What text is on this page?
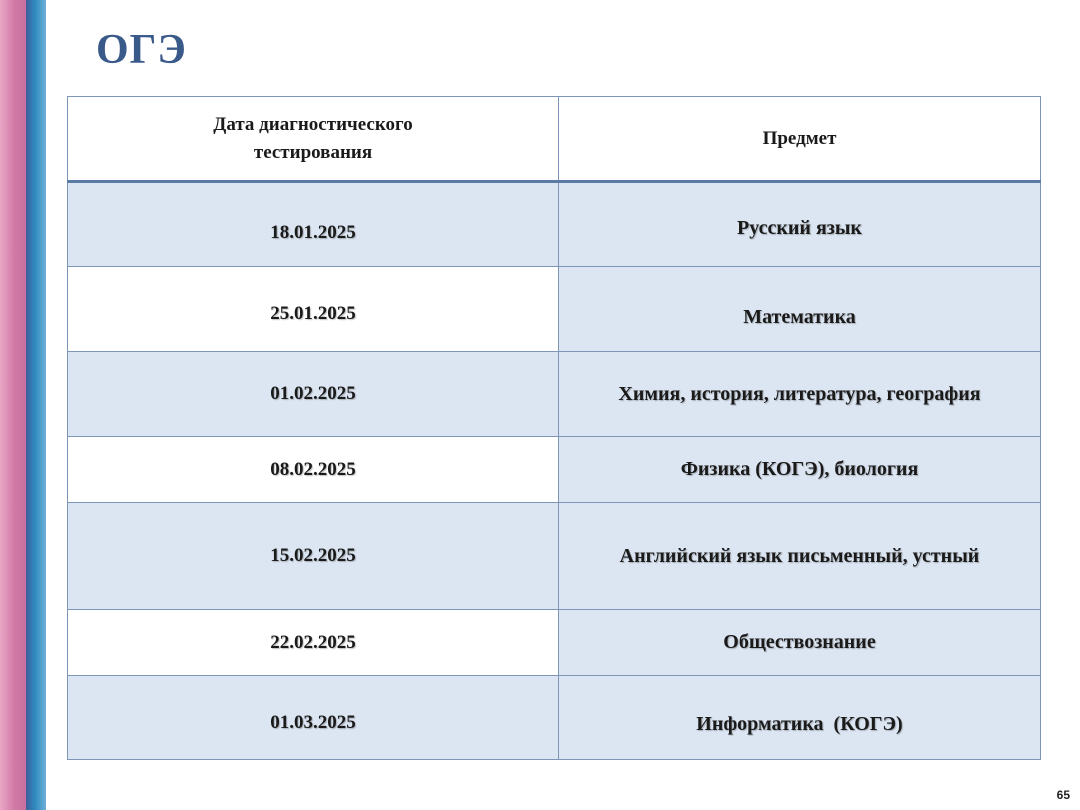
ОГЭ
Дата диагностического тестирования	Предмет

18.01.2025	Русский язык

25.01.2025	Математика

01.02.2025	Химия, история, литература, география

08.02.2025	Физика (КОГЭ), биология

15.02.2025	Английский язык письменный, устный

22.02.2025	Обществознание

01.03.2025	Информатика  (КОГЭ)
65
